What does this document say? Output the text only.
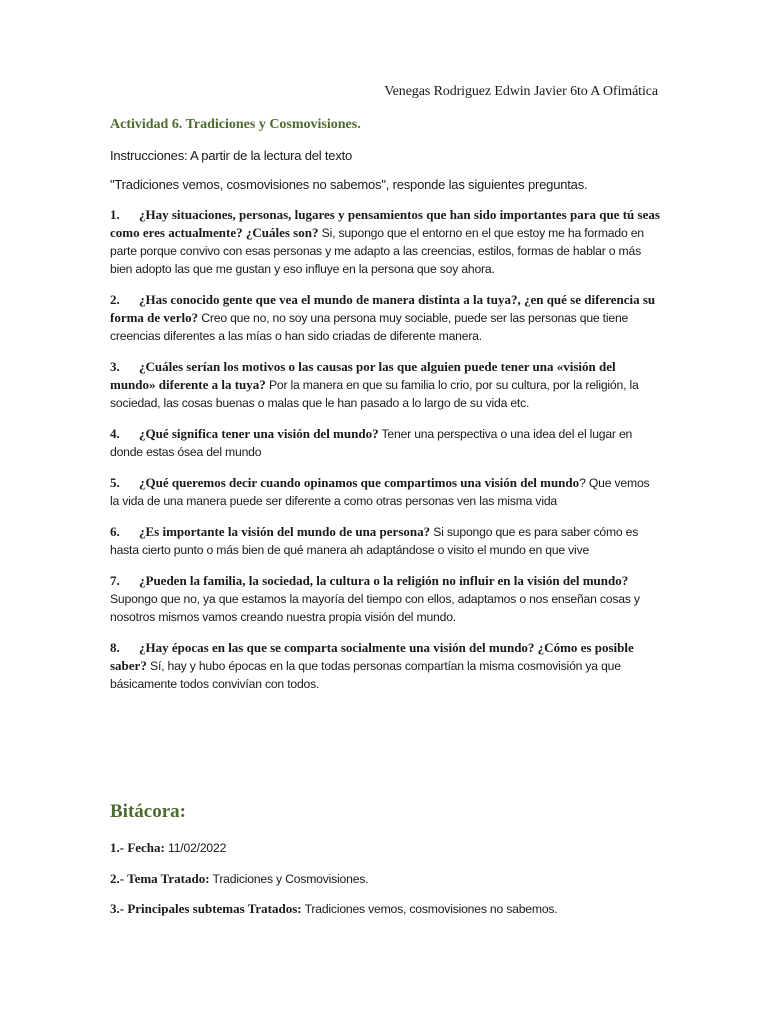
Venegas Rodriguez Edwin Javier 6to A Ofimática
Actividad 6. Tradiciones y Cosmovisiones.
Instrucciones: A partir de la lectura del texto
"Tradiciones vemos, cosmovisiones no sabemos", responde las siguientes preguntas.
1. ¿Hay situaciones, personas, lugares y pensamientos que han sido importantes para que tú seas como eres actualmente? ¿Cuáles son? Si, supongo que el entorno en el que estoy me ha formado en parte porque convivo con esas personas y me adapto a las creencias, estilos, formas de hablar o más bien adopto las que me gustan y eso influye en la persona que soy ahora.
2. ¿Has conocido gente que vea el mundo de manera distinta a la tuya?, ¿en qué se diferencia su forma de verlo? Creo que no, no soy una persona muy sociable, puede ser las personas que tiene creencias diferentes a las mías o han sido criadas de diferente manera.
3. ¿Cuáles serían los motivos o las causas por las que alguien puede tener una «visión del mundo» diferente a la tuya? Por la manera en que su familia lo crio, por su cultura, por la religión, la sociedad, las cosas buenas o malas que le han pasado a lo largo de su vida etc.
4. ¿Qué significa tener una visión del mundo? Tener una perspectiva o una idea del el lugar en donde estas ósea del mundo
5. ¿Qué queremos decir cuando opinamos que compartimos una visión del mundo? Que vemos la vida de una manera puede ser diferente a como otras personas ven las misma vida
6. ¿Es importante la visión del mundo de una persona? Si supongo que es para saber cómo es hasta cierto punto o más bien de qué manera ah adaptándose o visito el mundo en que vive
7. ¿Pueden la familia, la sociedad, la cultura o la religión no influir en la visión del mundo? Supongo que no, ya que estamos la mayoría del tiempo con ellos, adaptamos o nos enseñan cosas y nosotros mismos vamos creando nuestra propia visión del mundo.
8. ¿Hay épocas en las que se comparta socialmente una visión del mundo? ¿Cómo es posible saber? Sí, hay y hubo épocas en la que todas personas compartían la misma cosmovisión ya que básicamente todos convivían con todos.
Bitácora:
1.- Fecha: 11/02/2022
2.- Tema Tratado: Tradiciones y Cosmovisiones.
3.- Principales subtemas Tratados: Tradiciones vemos, cosmovisiones no sabemos.
